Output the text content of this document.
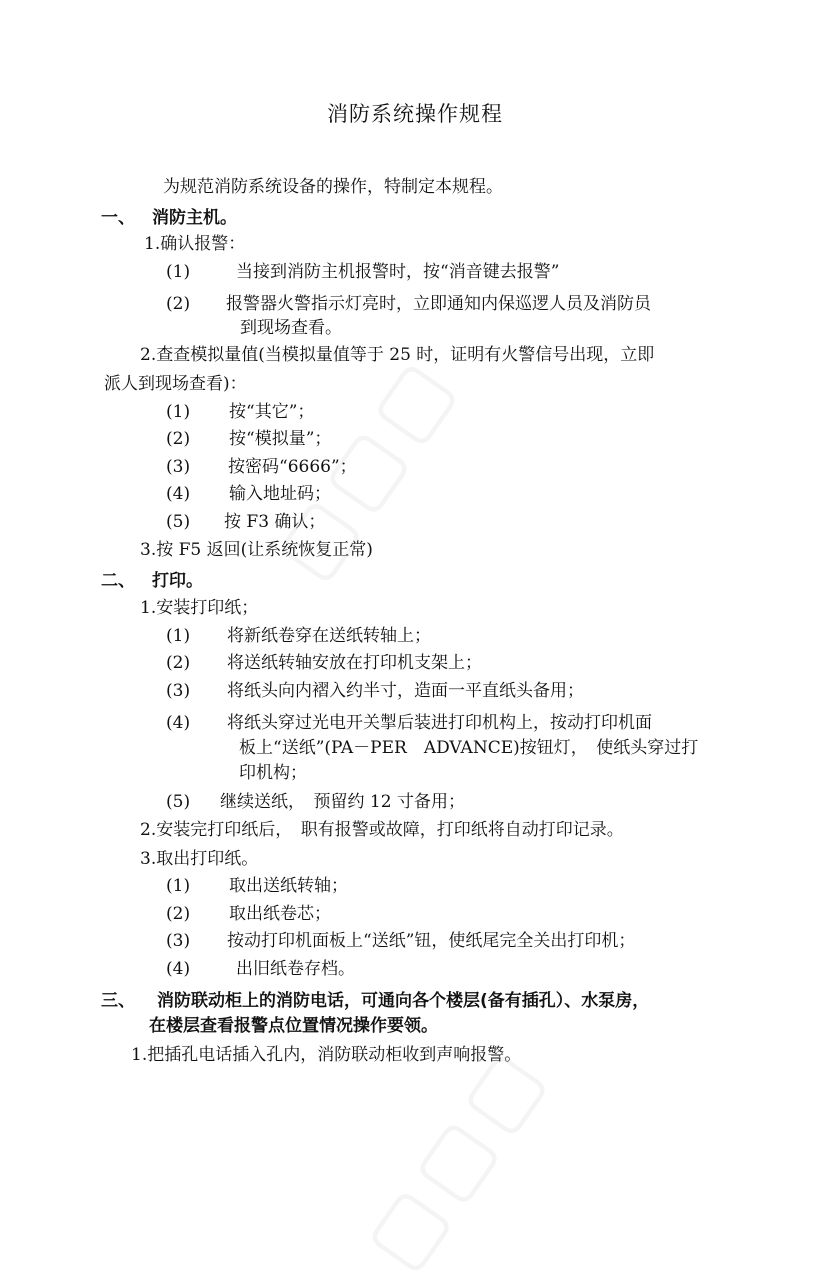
消防系统操作规程
为规范消防系统设备的操作，特制定本规程。
一、 消防主机。
1.确认报警：
(1)	当接到消防主机报警时，按“消音键去报警”
(2) 报警器火警指示灯亮时，立即通知内保巡逻人员及消防员
到现场查看。
2.查查模拟量值(当模拟量值等于 25 时，证明有火警信号出现，立即
派人到现场查看)：
(1) 按“其它”；
(2) 按“模拟量”；
(3) 按密码“6666”；
(4) 输入地址码；
(5) 按 F3 确认；
3.按 F5 返回(让系统恢复正常)
二、 打印。
1.安装打印纸；
(1) 将新纸卷穿在送纸转轴上；
(2) 将送纸转轴安放在打印机支架上；
(3) 将纸头向内褶入约半寸，造面一平直纸头备用；
(4) 将纸头穿过光电开关掣后装进打印机构上，按动打印机面
板上“送纸”(PA－PER　ADVANCE)按钮灯，　使纸头穿过打
印机构；
(5) 继续送纸，　预留约 12 寸备用；
2.安装完打印纸后，　职有报警或故障，打印纸将自动打印记录。
3.取出打印纸。
(1) 取出送纸转轴；
(2) 取出纸卷芯；
(3) 按动打印机面板上“送纸”钮，使纸尾完全关出打印机；
(4)	出旧纸卷存档。
三、 消防联动柜上的消防电话，可通向各个楼层(备有插孔）、水泵房，
在楼层查看报警点位置情况操作要领。
1.把插孔电话插入孔内，消防联动柜收到声响报警。
